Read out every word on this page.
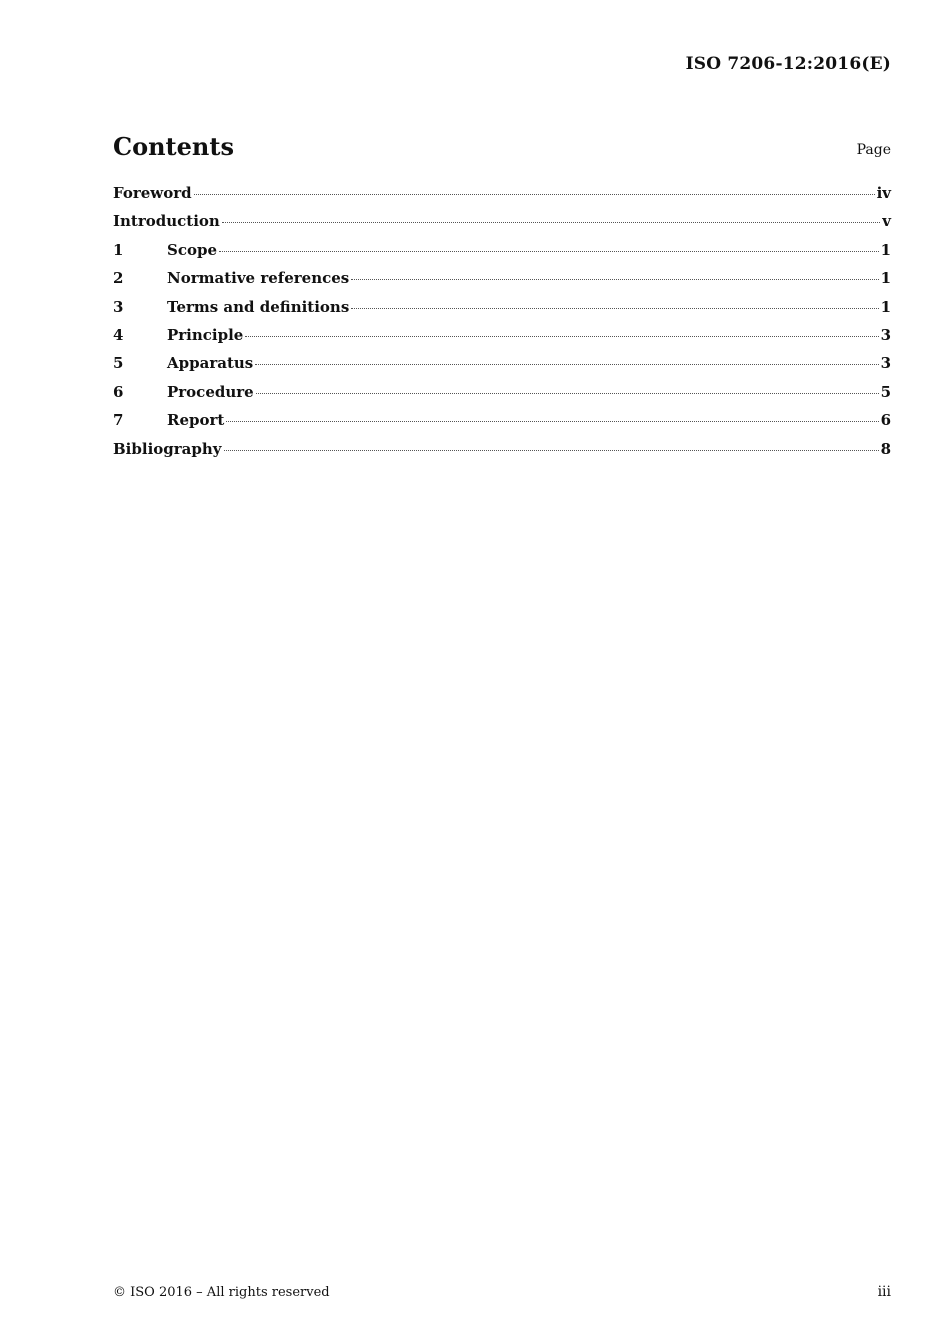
ISO 7206-12:2016(E)
Contents	Page
Foreword	iv
Introduction	v
1	Scope	1
2	Normative references	1
3	Terms and definitions	1
4	Principle	3
5	Apparatus	3
6	Procedure	5
7	Report	6
Bibliography	8
© ISO 2016 – All rights reserved	iii
